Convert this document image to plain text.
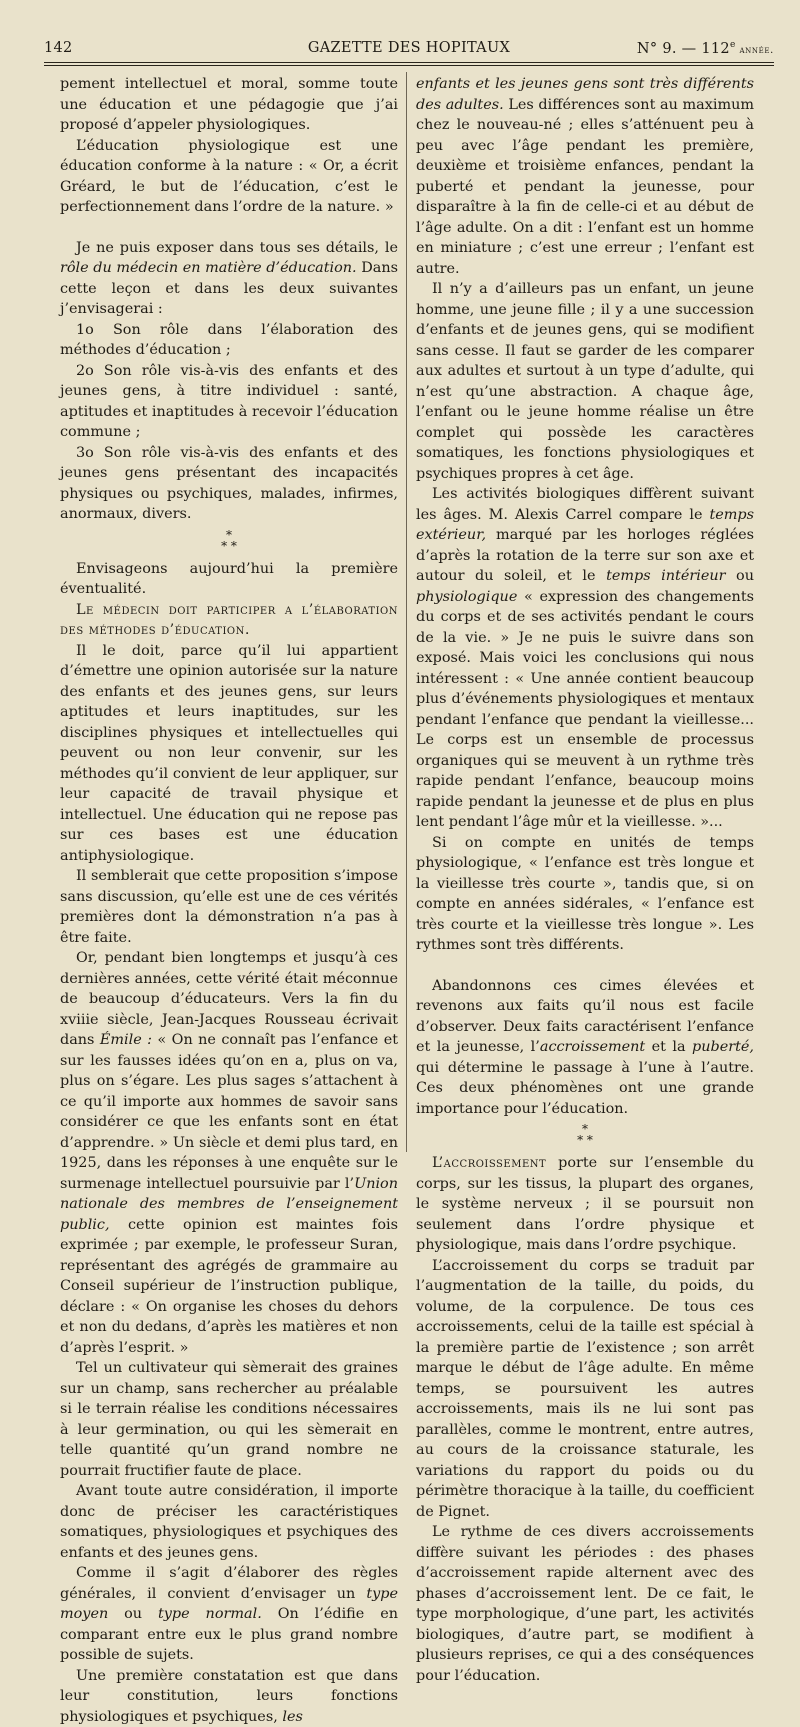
142	GAZETTE DES HOPITAUX	N° 9. — 112e année.

pement intellectuel et moral, somme toute une éducation et une pédagogie que j’ai proposé d’appeler physiologiques.

L’éducation physiologique est une éducation conforme à la nature : « Or, a écrit Gréard, le but de l’éducation, c’est le perfectionnement dans l’ordre de la nature. »

Je ne puis exposer dans tous ses détails, le rôle du médecin en matière d’éducation. Dans cette leçon et dans les deux suivantes j’envisagerai :

1o Son rôle dans l’élaboration des méthodes d’éducation ;

2o Son rôle vis-à-vis des enfants et des jeunes gens, à titre individuel : santé, aptitudes et inaptitudes à recevoir l’éducation commune ;

3o Son rôle vis-à-vis des enfants et des jeunes gens présentant des incapacités physiques ou psychiques, malades, infirmes, anormaux, divers.

*
* *

Envisageons aujourd’hui la première éventualité.

Le médecin doit participer a l’élaboration des méthodes d’éducation.

Il le doit, parce qu’il lui appartient d’émettre une opinion autorisée sur la nature des enfants et des jeunes gens, sur leurs aptitudes et leurs inaptitudes, sur les disciplines physiques et intellectuelles qui peuvent ou non leur convenir, sur les méthodes qu’il convient de leur appliquer, sur leur capacité de travail physique et intellectuel. Une éducation qui ne repose pas sur ces bases est une éducation antiphysiologique.

Il semblerait que cette proposition s’impose sans discussion, qu’elle est une de ces vérités premières dont la démonstration n’a pas à être faite.

Or, pendant bien longtemps et jusqu’à ces dernières années, cette vérité était méconnue de beaucoup d’éducateurs. Vers la fin du xviiie siècle, Jean-Jacques Rousseau écrivait dans Émile : « On ne connaît pas l’enfance et sur les fausses idées qu’on en a, plus on va, plus on s’égare. Les plus sages s’attachent à ce qu’il importe aux hommes de savoir sans considérer ce que les enfants sont en état d’apprendre. » Un siècle et demi plus tard, en 1925, dans les réponses à une enquête sur le surmenage intellectuel poursuivie par l’Union nationale des membres de l’enseignement public, cette opinion est maintes fois exprimée ; par exemple, le professeur Suran, représentant des agrégés de grammaire au Conseil supérieur de l’instruction publique, déclare : « On organise les choses du dehors et non du dedans, d’après les matières et non d’après l’esprit. »

Tel un cultivateur qui sèmerait des graines sur un champ, sans rechercher au préalable si le terrain réalise les conditions nécessaires à leur germination, ou qui les sèmerait en telle quantité qu’un grand nombre ne pourrait fructifier faute de place.

Avant toute autre considération, il importe donc de préciser les caractéristiques somatiques, physiologiques et psychiques des enfants et des jeunes gens.

Comme il s’agit d’élaborer des règles générales, il convient d’envisager un type moyen ou type normal. On l’édifie en comparant entre eux le plus grand nombre possible de sujets.

Une première constatation est que dans leur constitution, leurs fonctions physiologiques et psychiques, les

enfants et les jeunes gens sont très différents des adultes. Les différences sont au maximum chez le nouveau-né ; elles s’atténuent peu à peu avec l’âge pendant les première, deuxième et troisième enfances, pendant la puberté et pendant la jeunesse, pour disparaître à la fin de celle-ci et au début de l’âge adulte. On a dit : l’enfant est un homme en miniature ; c’est une erreur ; l’enfant est autre.

Il n’y a d’ailleurs pas un enfant, un jeune homme, une jeune fille ; il y a une succession d’enfants et de jeunes gens, qui se modifient sans cesse. Il faut se garder de les comparer aux adultes et surtout à un type d’adulte, qui n’est qu’une abstraction. A chaque âge, l’enfant ou le jeune homme réalise un être complet qui possède les caractères somatiques, les fonctions physiologiques et psychiques propres à cet âge.

Les activités biologiques diffèrent suivant les âges. M. Alexis Carrel compare le temps extérieur, marqué par les horloges réglées d’après la rotation de la terre sur son axe et autour du soleil, et le temps intérieur ou physiologique « expression des changements du corps et de ses activités pendant le cours de la vie. » Je ne puis le suivre dans son exposé. Mais voici les conclusions qui nous intéressent : « Une année contient beaucoup plus d’événements physiologiques et mentaux pendant l’enfance que pendant la vieillesse... Le corps est un ensemble de processus organiques qui se meuvent à un rythme très rapide pendant l’enfance, beaucoup moins rapide pendant la jeunesse et de plus en plus lent pendant l’âge mûr et la vieillesse. »...

Si on compte en unités de temps physiologique, « l’enfance est très longue et la vieillesse très courte », tandis que, si on compte en années sidérales, « l’enfance est très courte et la vieillesse très longue ». Les rythmes sont très différents.

Abandonnons ces cimes élevées et revenons aux faits qu’il nous est facile d’observer. Deux faits caractérisent l’enfance et la jeunesse, l’accroissement et la puberté, qui détermine le passage à l’une à l’autre. Ces deux phénomènes ont une grande importance pour l’éducation.

*
* *

L’accroissement porte sur l’ensemble du corps, sur les tissus, la plupart des organes, le système nerveux ; il se poursuit non seulement dans l’ordre physique et physiologique, mais dans l’ordre psychique.

L’accroissement du corps se traduit par l’augmentation de la taille, du poids, du volume, de la corpulence. De tous ces accroissements, celui de la taille est spécial à la première partie de l’existence ; son arrêt marque le début de l’âge adulte. En même temps, se poursuivent les autres accroissements, mais ils ne lui sont pas parallèles, comme le montrent, entre autres, au cours de la croissance staturale, les variations du rapport du poids ou du périmètre thoracique à la taille, du coefficient de Pignet.

Le rythme de ces divers accroissements diffère suivant les périodes : des phases d’accroissement rapide alternent avec des phases d’accroissement lent. De ce fait, le type morphologique, d’une part, les activités biologiques, d’autre part, se modifient à plusieurs reprises, ce qui a des conséquences pour l’éducation.
